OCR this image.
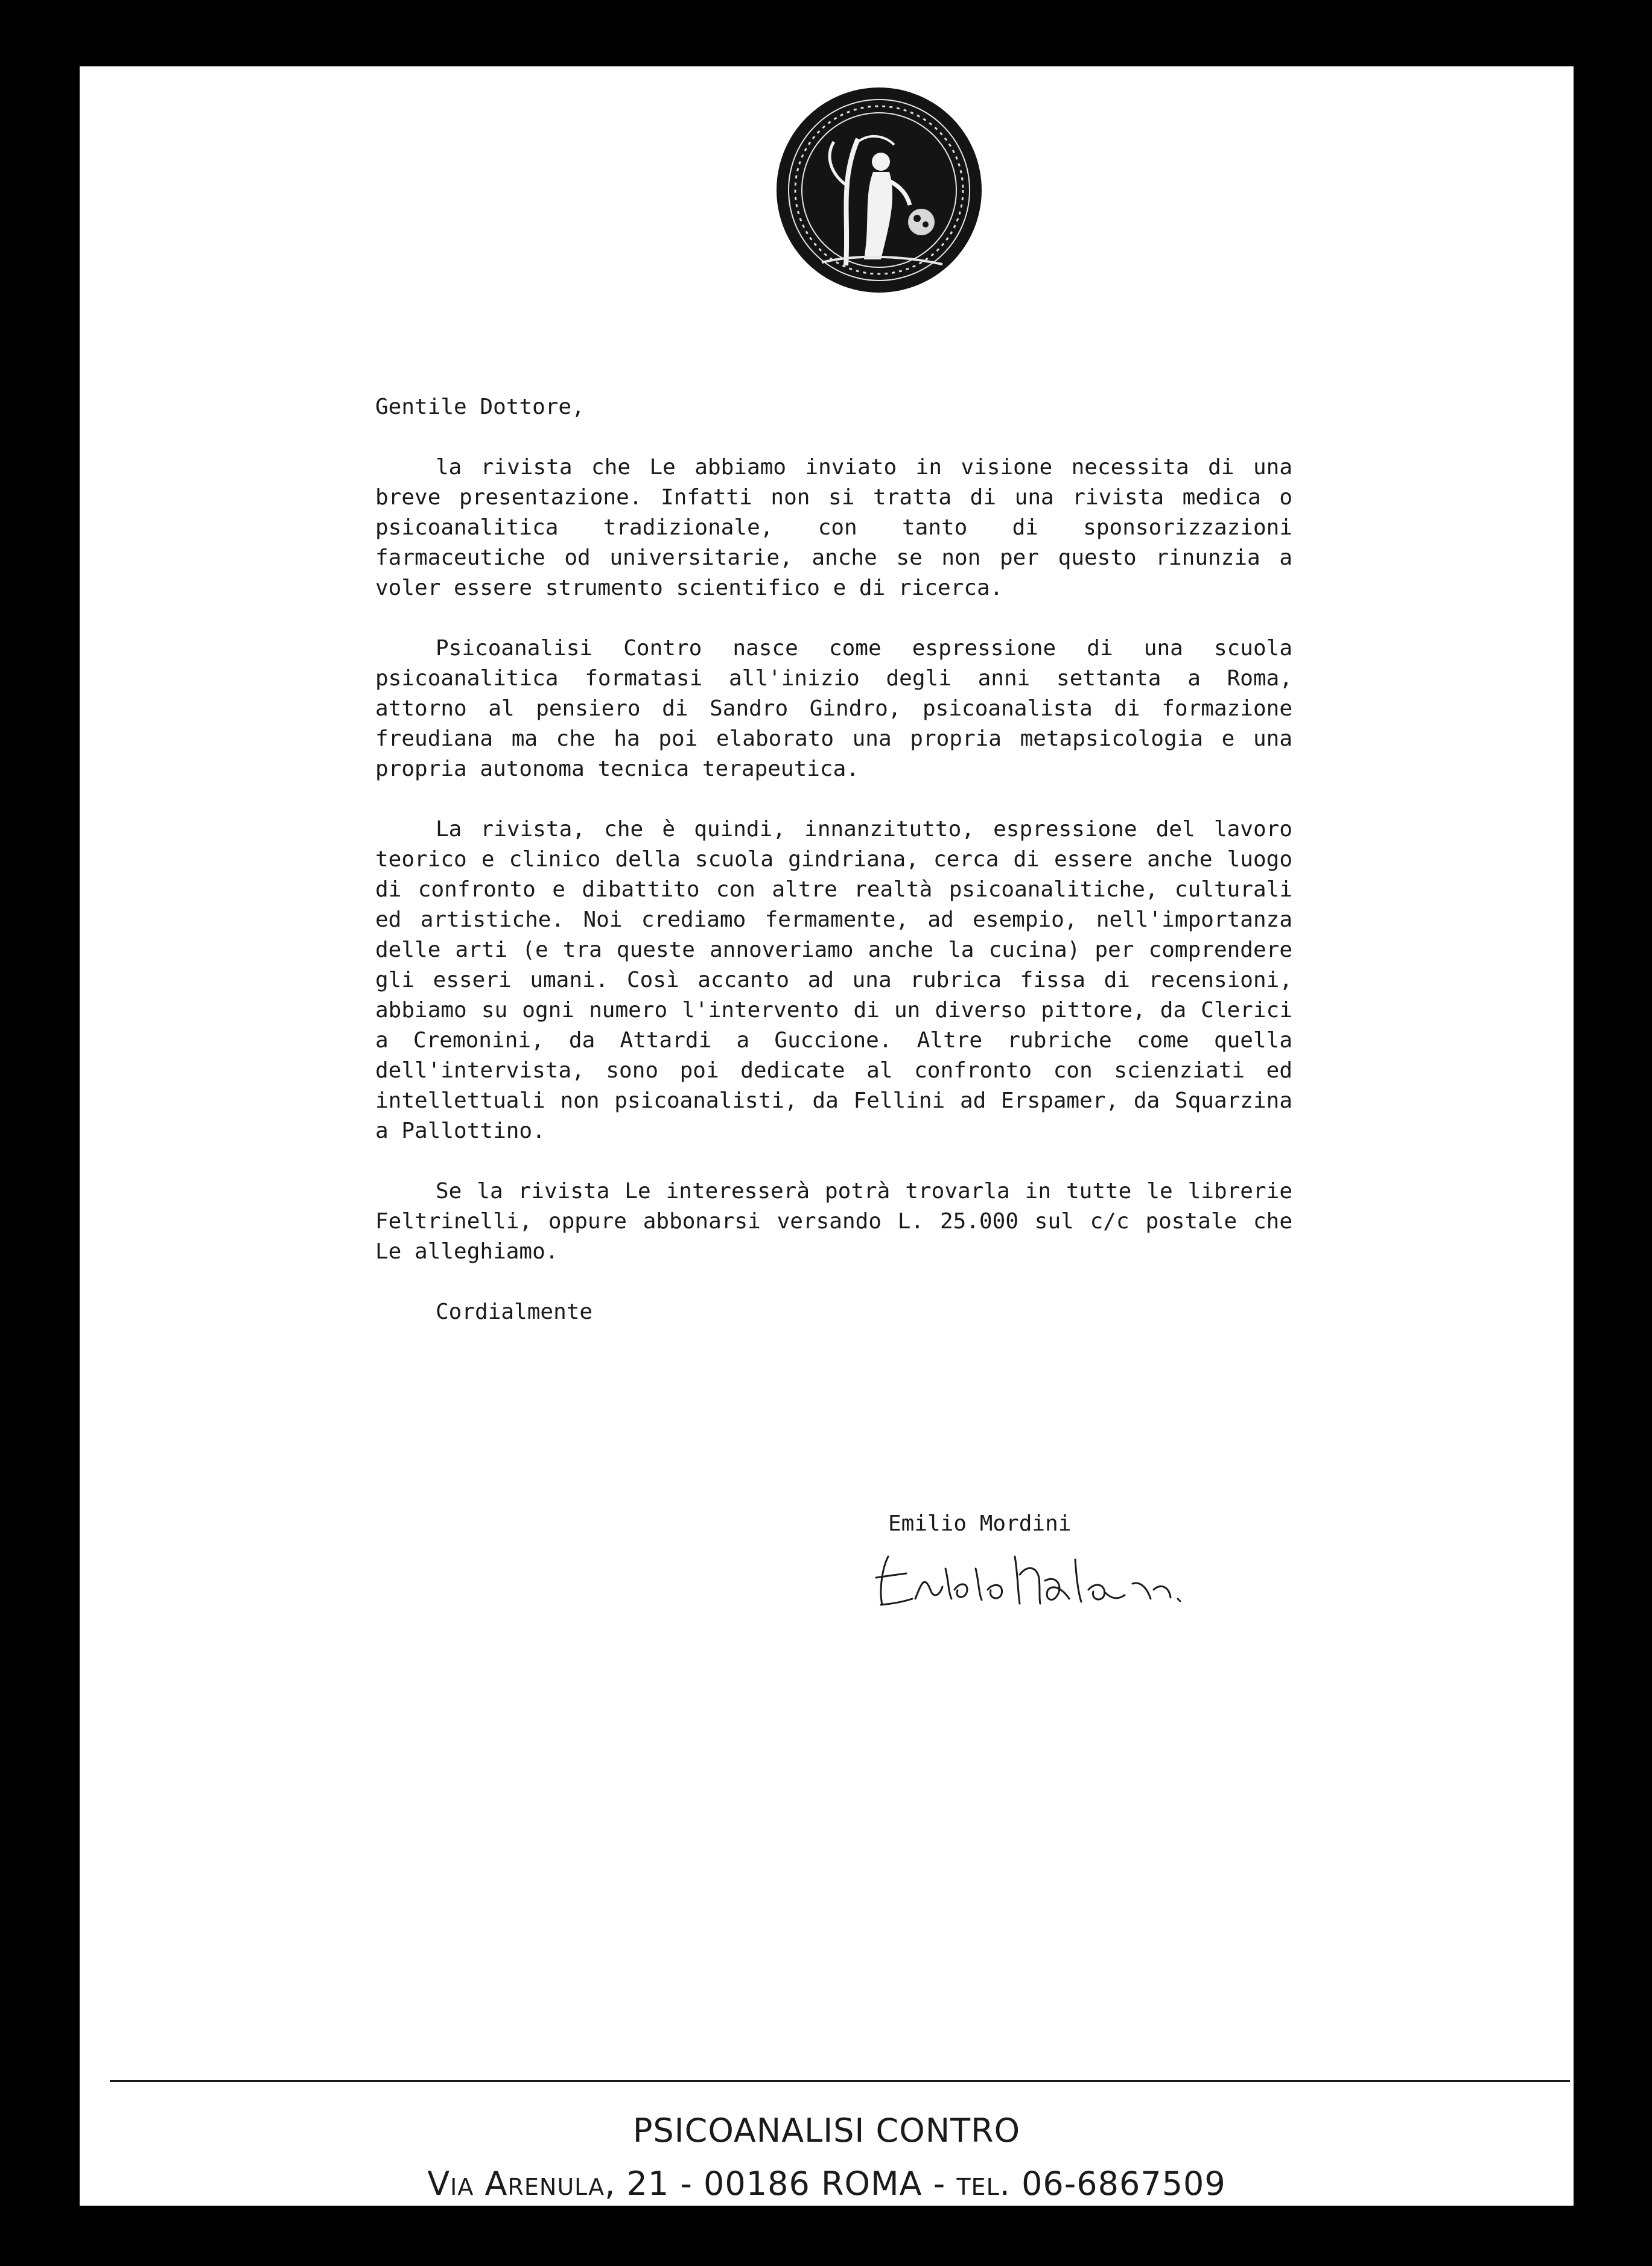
Gentile Dottore,

la rivista che Le abbiamo inviato in visione necessita di una breve presentazione. Infatti non si tratta di una rivista medica o psicoanalitica tradizionale, con tanto di sponsorizzazioni farmaceutiche od universitarie, anche se non per questo rinunzia a voler essere strumento scientifico e di ricerca.

Psicoanalisi Contro nasce come espressione di una scuola psicoanalitica formatasi all'inizio degli anni settanta a Roma, attorno al pensiero di Sandro Gindro, psicoanalista di formazione freudiana ma che ha poi elaborato una propria metapsicologia e una propria autonoma tecnica terapeutica.

La rivista, che è quindi, innanzitutto, espressione del lavoro teorico e clinico della scuola gindriana, cerca di essere anche luogo di confronto e dibattito con altre realtà psicoanalitiche, culturali ed artistiche. Noi crediamo fermamente, ad esempio, nell'importanza delle arti (e tra queste annoveriamo anche la cucina) per comprendere gli esseri umani. Così accanto ad una rubrica fissa di recensioni, abbiamo su ogni numero l'intervento di un diverso pittore, da Clerici a Cremonini, da Attardi a Guccione. Altre rubriche come quella dell'intervista, sono poi dedicate al confronto con scienziati ed intellettuali non psicoanalisti, da Fellini ad Erspamer, da Squarzina a Pallottino.

Se la rivista Le interesserà potrà trovarla in tutte le librerie Feltrinelli, oppure abbonarsi versando L. 25.000 sul c/c postale che Le alleghiamo.

Cordialmente

Emilio Mordini
PSICOANALISI CONTRO
Via Arenula, 21 - 00186 ROMA - tel. 06-6867509
